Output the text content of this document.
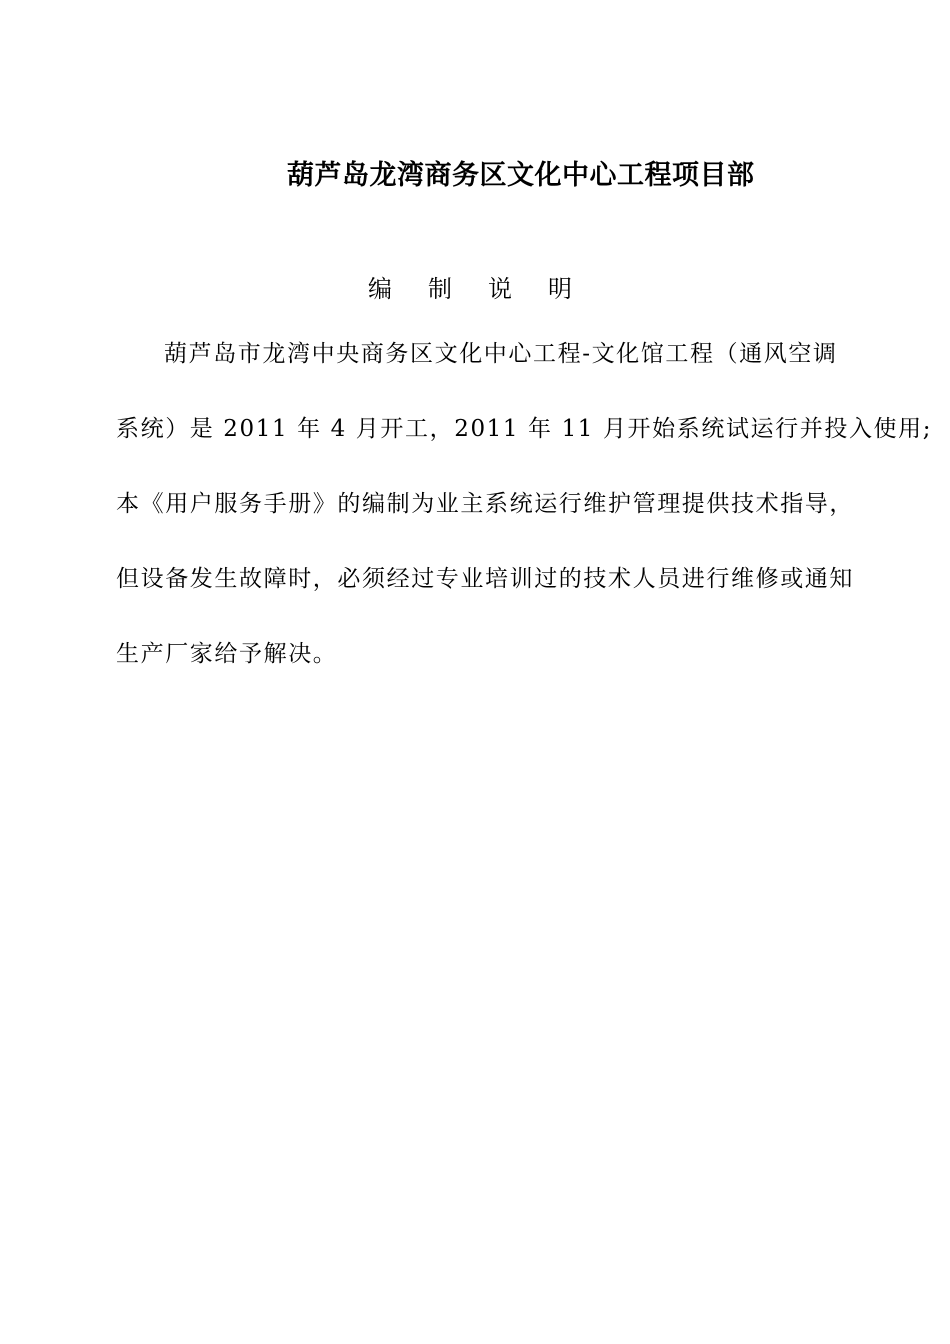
葫芦岛龙湾商务区文化中心工程项目部
编 制 说 明
葫芦岛市龙湾中央商务区文化中心工程-文化馆工程（通风空调
系统）是 2011 年 4 月开工，2011 年 11 月开始系统试运行并投入使用;
本《用户服务手册》的编制为业主系统运行维护管理提供技术指导，
但设备发生故障时，必须经过专业培训过的技术人员进行维修或通知
生产厂家给予解决。
